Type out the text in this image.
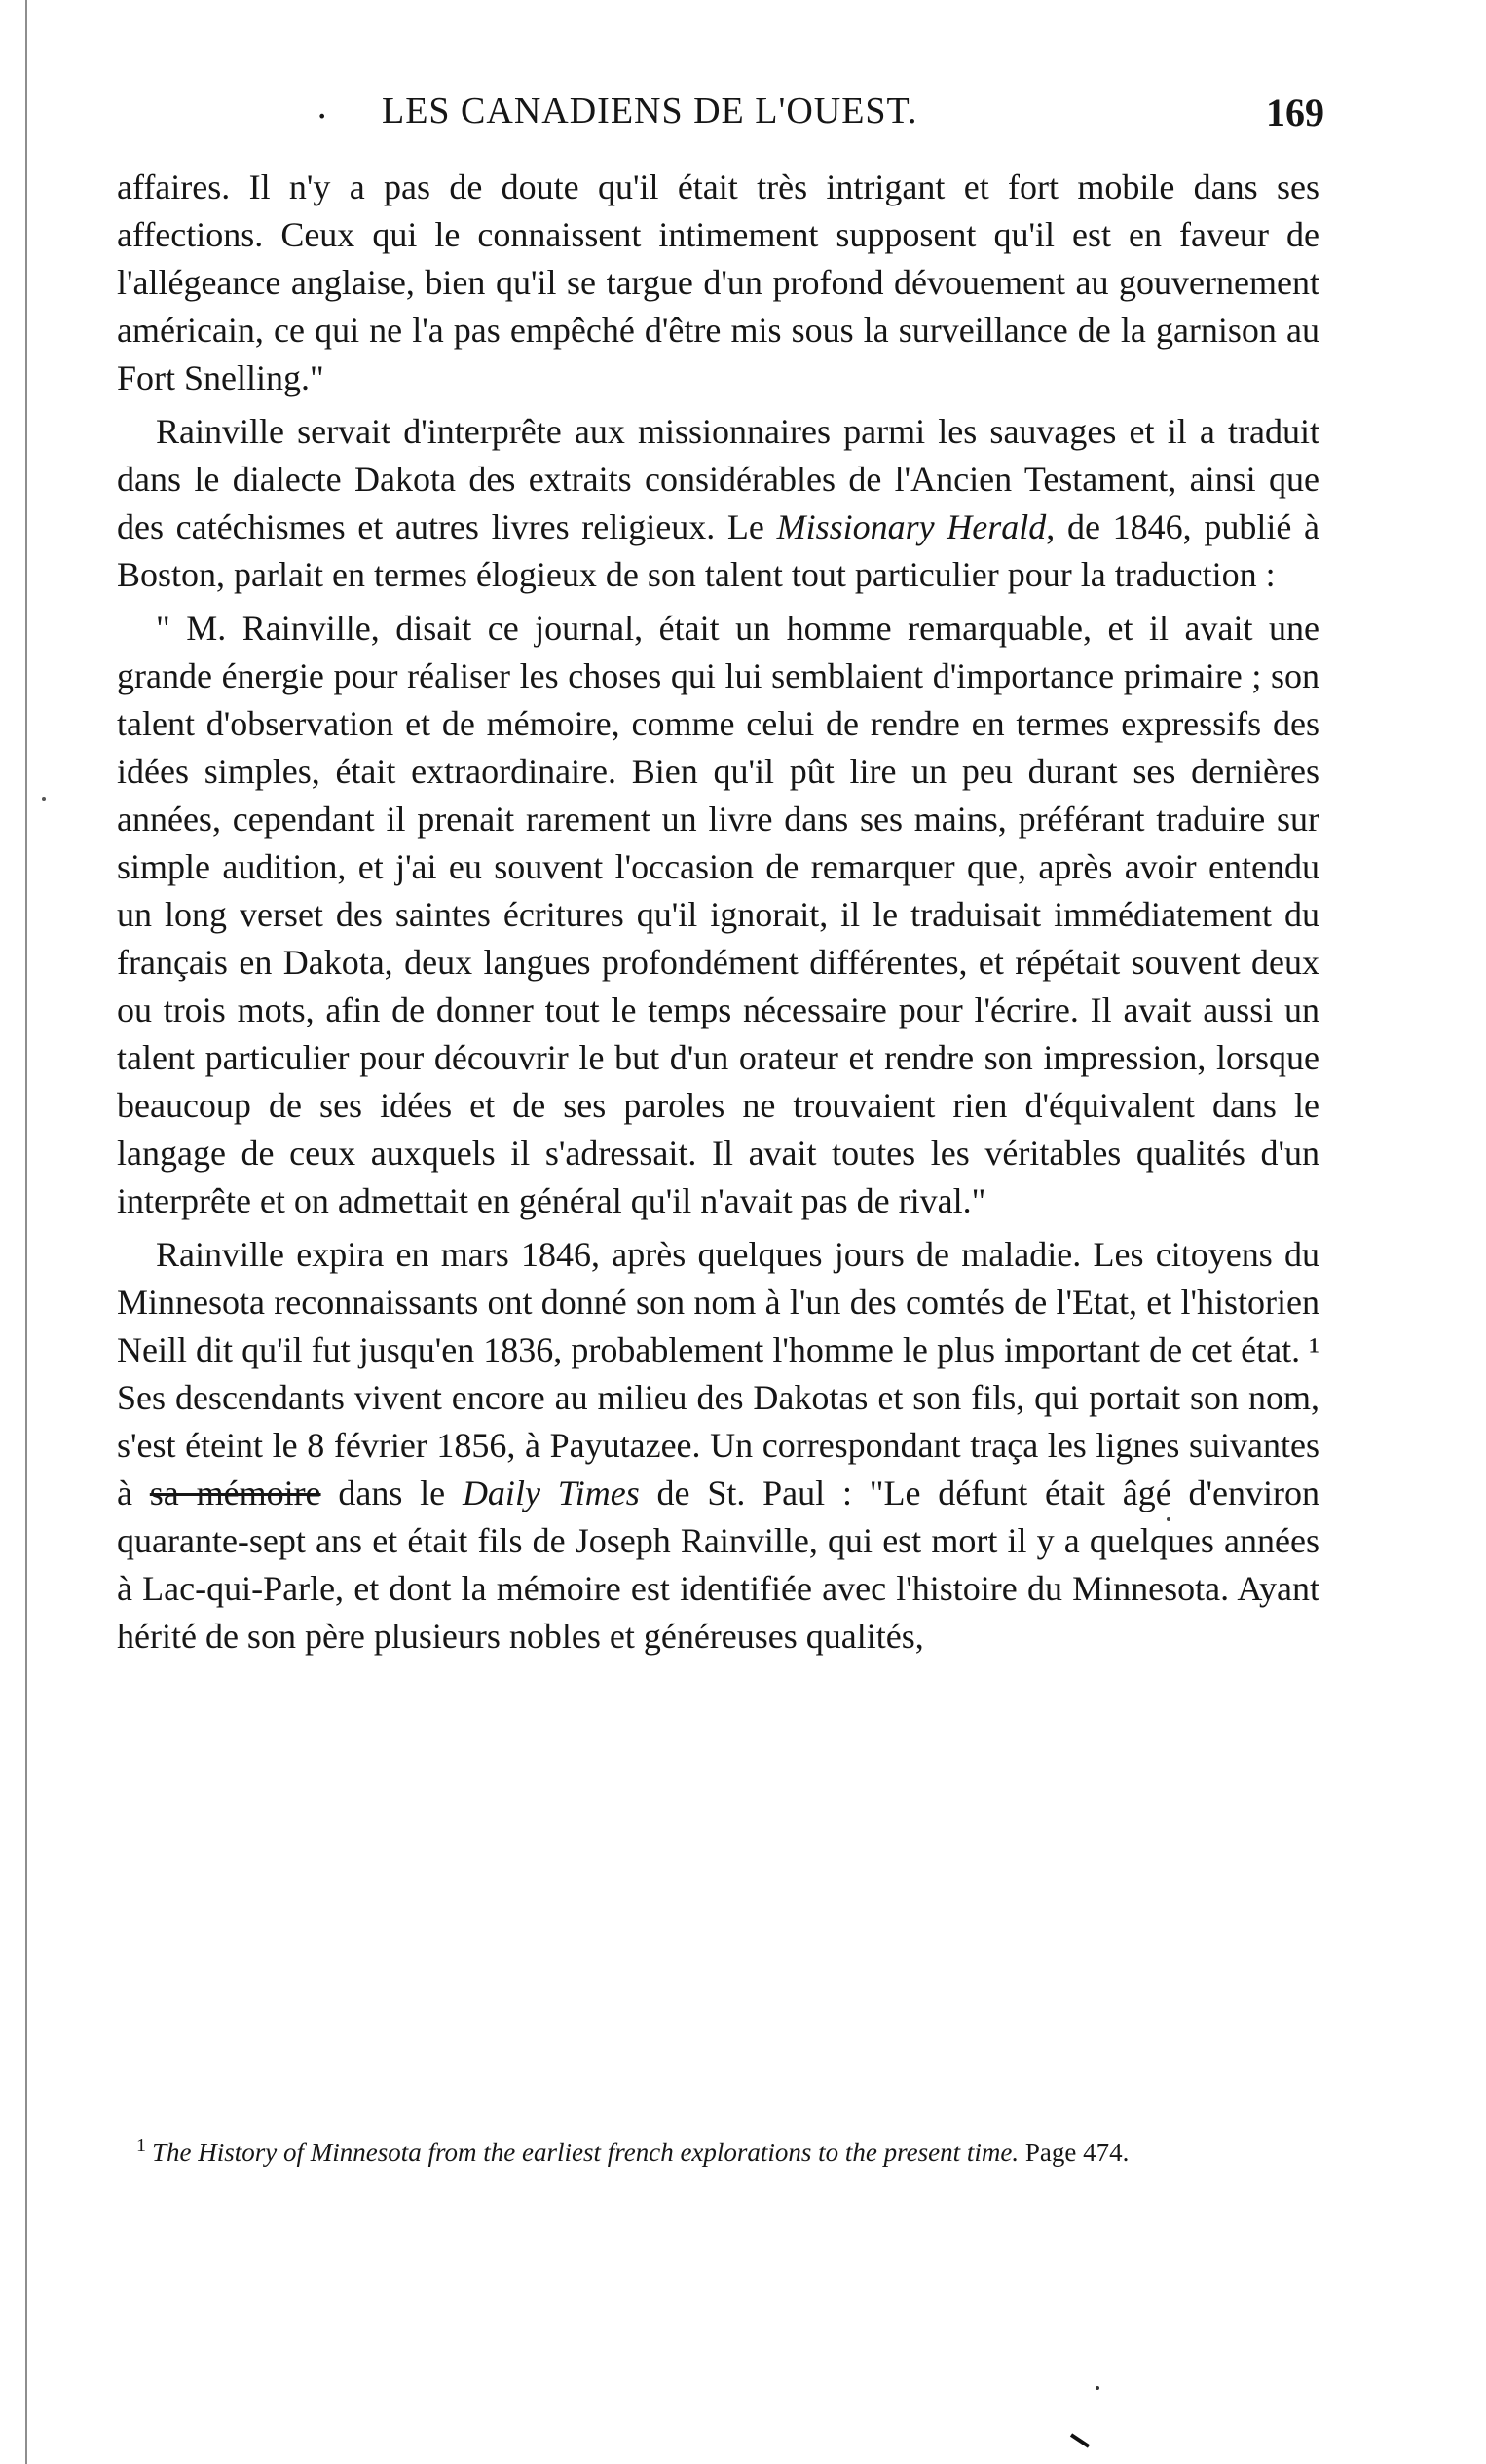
· LES CANADIENS DE L'OUEST.	169

affaires. Il n'y a pas de doute qu'il était très intrigant et fort mobile dans ses affections. Ceux qui le connaissent intimement supposent qu'il est en faveur de l'allégeance anglaise, bien qu'il se targue d'un profond dévouement au gouvernement américain, ce qui ne l'a pas empêché d'être mis sous la surveillance de la garnison au Fort Snelling."

Rainville servait d'interprête aux missionnaires parmi les sauvages et il a traduit dans le dialecte Dakota des extraits considérables de l'Ancien Testament, ainsi que des catéchismes et autres livres religieux. Le Missionary Herald, de 1846, publié à Boston, parlait en termes élogieux de son talent tout particulier pour la traduction :

" M. Rainville, disait ce journal, était un homme remarquable, et il avait une grande énergie pour réaliser les choses qui lui semblaient d'importance primaire ; son talent d'observation et de mémoire, comme celui de rendre en termes expressifs des idées simples, était extraordinaire. Bien qu'il pût lire un peu durant ses dernières années, cependant il prenait rarement un livre dans ses mains, préférant traduire sur simple audition, et j'ai eu souvent l'occasion de remarquer que, après avoir entendu un long verset des saintes écritures qu'il ignorait, il le traduisait immédiatement du français en Dakota, deux langues profondément différentes, et répétait souvent deux ou trois mots, afin de donner tout le temps nécessaire pour l'écrire. Il avait aussi un talent particulier pour découvrir le but d'un orateur et rendre son impression, lorsque beaucoup de ses idées et de ses paroles ne trouvaient rien d'équivalent dans le langage de ceux auxquels il s'adressait. Il avait toutes les véritables qualités d'un interprête et on admettait en général qu'il n'avait pas de rival."

Rainville expira en mars 1846, après quelques jours de maladie. Les citoyens du Minnesota reconnaissants ont donné son nom à l'un des comtés de l'Etat, et l'historien Neill dit qu'il fut jusqu'en 1836, probablement l'homme le plus important de cet état. ¹ Ses descendants vivent encore au milieu des Dakotas et son fils, qui portait son nom, s'est éteint le 8 février 1856, à Payutazee. Un correspondant traça les lignes suivantes à sa mémoire dans le Daily Times de St. Paul : "Le défunt était âgé d'environ quarante-sept ans et était fils de Joseph Rainville, qui est mort il y a quelques années à Lac-qui-Parle, et dont la mémoire est identifiée avec l'histoire du Minnesota. Ayant hérité de son père plusieurs nobles et généreuses qualités,

$^1$ The History of Minnesota from the earliest french explorations to the present time. Page 474.
